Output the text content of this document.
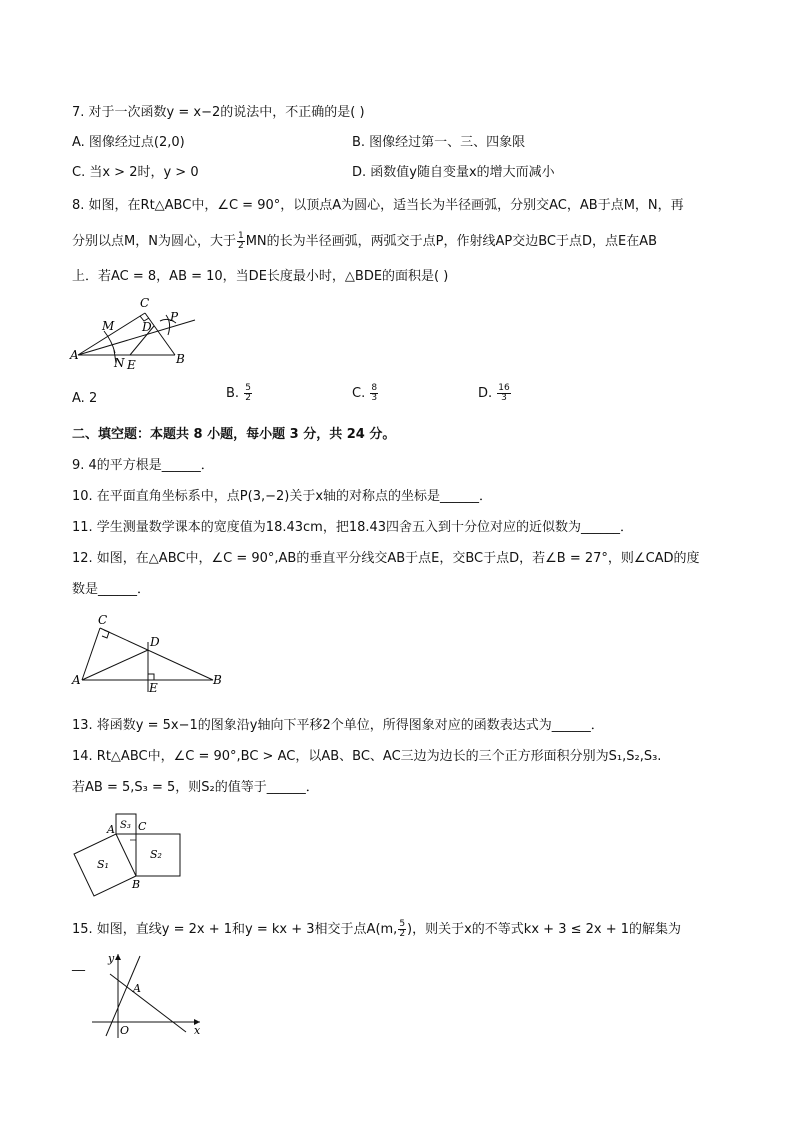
7. 对于一次函数y = x−2的说法中，不正确的是( )
A. 图像经过点(2,0)	B. 图像经过第一、三、四象限
C. 当x > 2时，y > 0	D. 函数值y随自变量x的增大而减小
8. 如图，在Rt△ABC中，∠C = 90°，以顶点A为圆心，适当长为半径画弧，分别交AC，AB于点M，N，再
分别以点M，N为圆心，大于 $\frac{1}{2}$ MN的长为半径画弧，两弧交于点P，作射线AP交边BC于点D，点E在AB
上．若AC = 8，AB = 10，当DE长度最小时，△BDE的面积是( )
C
M D
P
A
N E	B
A. 2	B. $\frac{5}{2}$	C. $\frac{8}{3}$	D. $\frac{16}{3}$
二、填空题：本题共 8 小题，每小题 3 分，共 24 分。
9. 4的平方根是______．
10. 在平面直角坐标系中，点P(3,−2)关于x轴的对称点的坐标是______．
11. 学生测量数学课本的宽度值为18.43cm，把18.43四舍五入到十分位对应的近似数为______．
12. 如图，在△ABC中，∠C = 90°,AB的垂直平分线交AB于点E，交BC于点D，若∠B = 27°，则∠CAD的度
数是______．
C
D
A
E
B
13. 将函数y = 5x−1的图象沿y轴向下平移2个单位，所得图象对应的函数表达式为______．
14. Rt△ABC中，∠C = 90°,BC > AC，以AB、BC、AC三边为边长的三个正方形面积分别为S₁,S₂,S₃.
若AB = 5,S₃ = 5，则S₂的值等于______．
S₃
A C
S₁
S₂
B
15. 如图，直线y = 2x + 1和y = kx + 3相交于点A(m, $\frac{5}{2}$ )，则关于x的不等式kx + 3 ≤ 2x + 1的解集为
__ y
A
O	x
